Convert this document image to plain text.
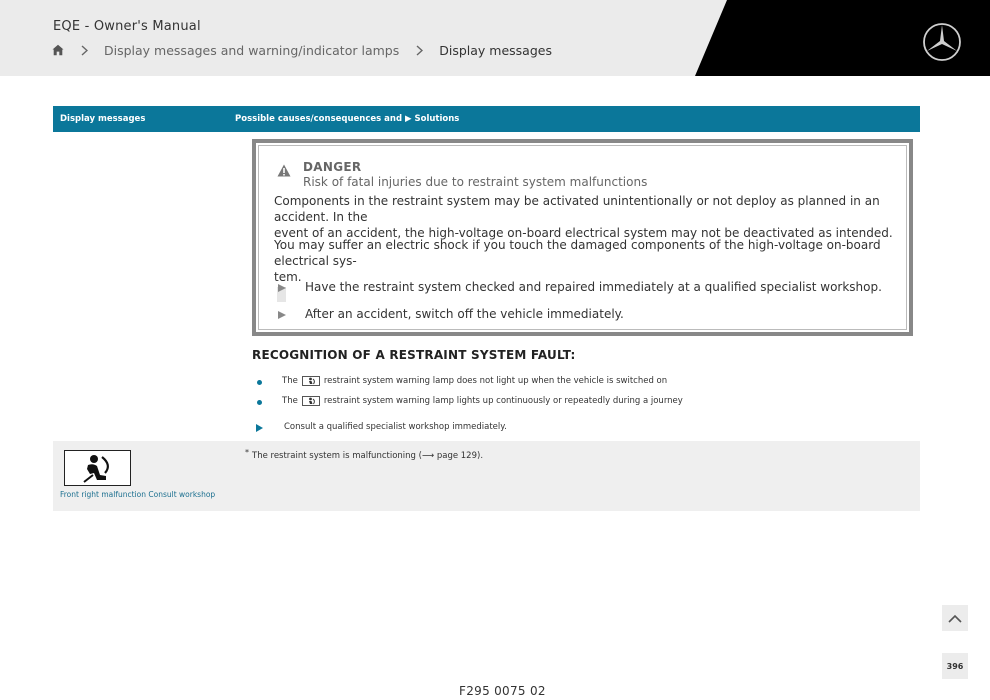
EQE - Owner's Manual
Display messages and warning/indicator lamps	Display messages
Display messages	Possible causes/consequences and ▶ Solutions
DANGER
Risk of fatal injuries due to restraint system malfunctions
Components in the restraint system may be activated unintentionally or not deploy as planned in an accident. In the
event of an accident, the high-voltage on-board electrical system may not be deactivated as intended.
You may suffer an electric shock if you touch the damaged components of the high-voltage on-board electrical sys-
tem.
Have the restraint system checked and repaired immediately at a qualified specialist workshop.
After an accident, switch off the vehicle immediately.
RECOGNITION OF A RESTRAINT SYSTEM FAULT:
The	restraint system warning lamp does not light up when the vehicle is switched on
The	restraint system warning lamp lights up continuously or repeatedly during a journey
Consult a qualified specialist workshop immediately.
Front right malfunction Consult workshop
* The restraint system is malfunctioning (⟶ page 129).
396
F295 0075 02
